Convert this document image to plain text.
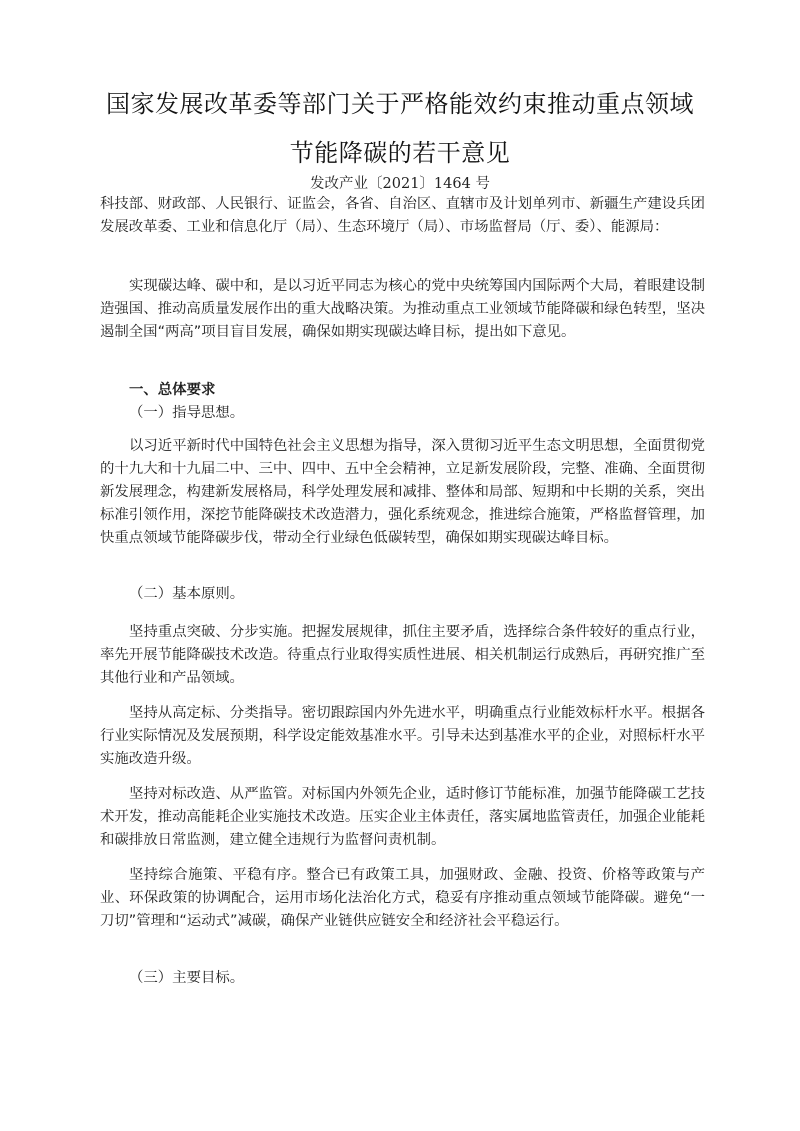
国家发展改革委等部门关于严格能效约束推动重点领域
节能降碳的若干意见
发改产业〔2021〕1464 号

科技部、财政部、人民银行、证监会，各省、自治区、直辖市及计划单列市、新疆生产建设兵团发展改革委、工业和信息化厅（局）、生态环境厅（局）、市场监督局（厅、委）、能源局：

实现碳达峰、碳中和，是以习近平同志为核心的党中央统筹国内国际两个大局，着眼建设制造强国、推动高质量发展作出的重大战略决策。为推动重点工业领域节能降碳和绿色转型，坚决遏制全国“两高”项目盲目发展，确保如期实现碳达峰目标，提出如下意见。

一、总体要求

（一）指导思想。

以习近平新时代中国特色社会主义思想为指导，深入贯彻习近平生态文明思想，全面贯彻党的十九大和十九届二中、三中、四中、五中全会精神，立足新发展阶段，完整、准确、全面贯彻新发展理念，构建新发展格局，科学处理发展和减排、整体和局部、短期和中长期的关系，突出标准引领作用，深挖节能降碳技术改造潜力，强化系统观念，推进综合施策，严格监督管理，加快重点领域节能降碳步伐，带动全行业绿色低碳转型，确保如期实现碳达峰目标。

（二）基本原则。

坚持重点突破、分步实施。把握发展规律，抓住主要矛盾，选择综合条件较好的重点行业，率先开展节能降碳技术改造。待重点行业取得实质性进展、相关机制运行成熟后，再研究推广至其他行业和产品领域。

坚持从高定标、分类指导。密切跟踪国内外先进水平，明确重点行业能效标杆水平。根据各行业实际情况及发展预期，科学设定能效基准水平。引导未达到基准水平的企业，对照标杆水平实施改造升级。

坚持对标改造、从严监管。对标国内外领先企业，适时修订节能标准，加强节能降碳工艺技术开发，推动高能耗企业实施技术改造。压实企业主体责任，落实属地监管责任，加强企业能耗和碳排放日常监测，建立健全违规行为监督问责机制。

坚持综合施策、平稳有序。整合已有政策工具，加强财政、金融、投资、价格等政策与产业、环保政策的协调配合，运用市场化法治化方式，稳妥有序推动重点领域节能降碳。避免“一刀切”管理和“运动式”减碳，确保产业链供应链安全和经济社会平稳运行。

（三）主要目标。
